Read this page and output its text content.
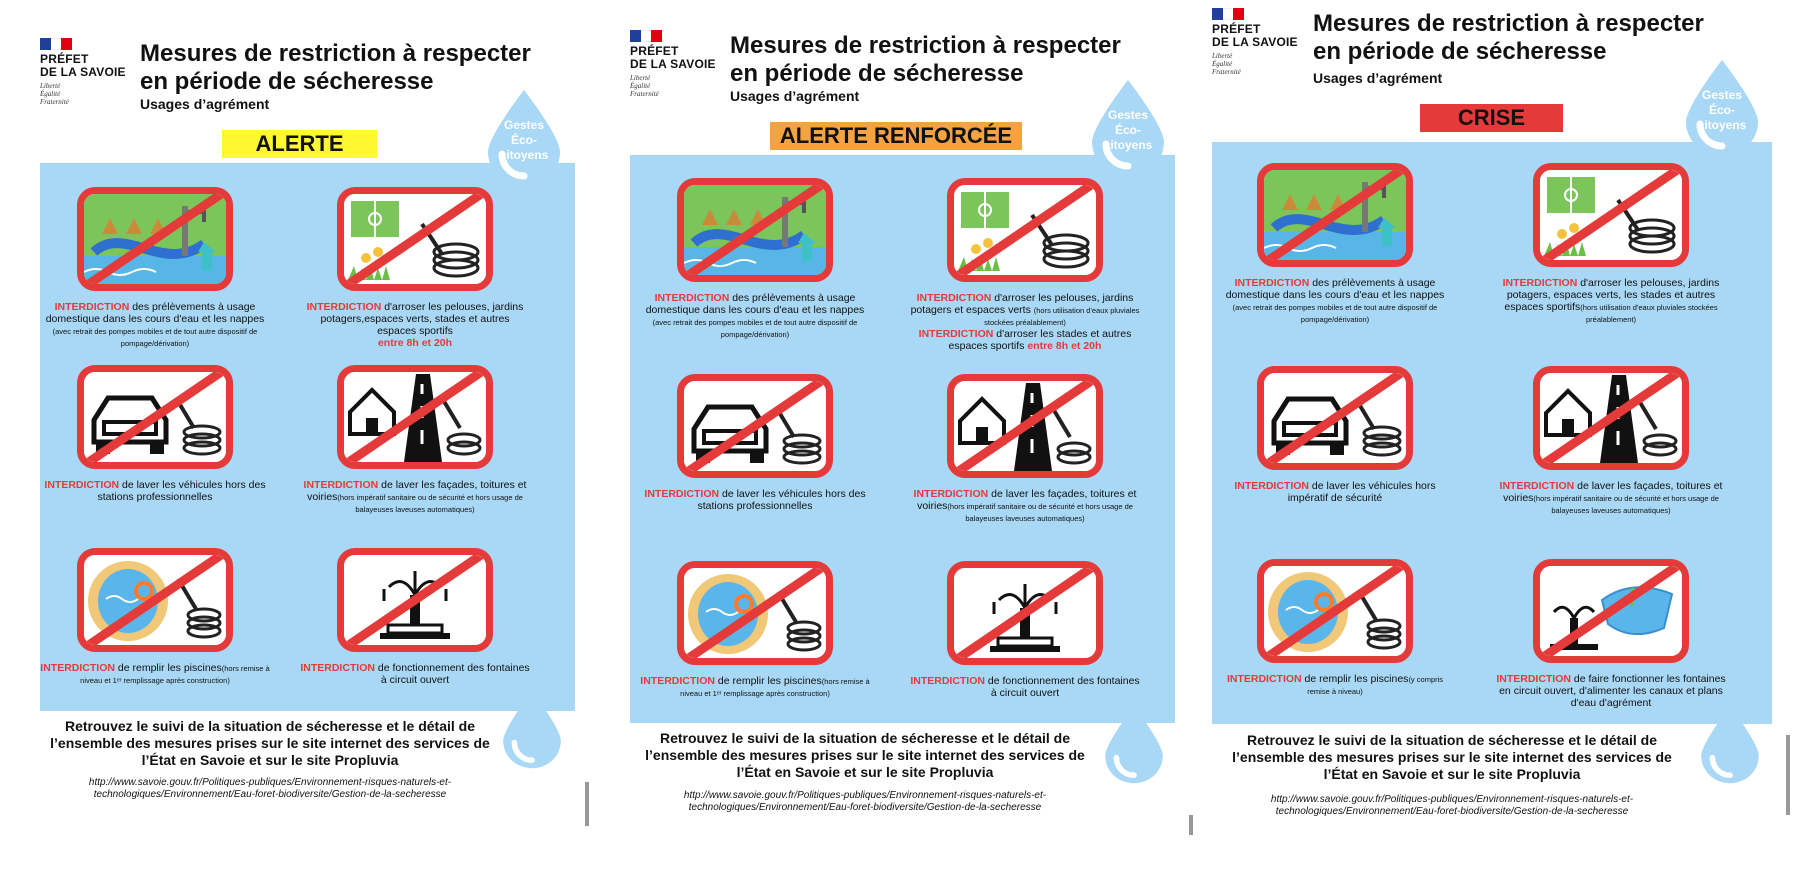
PRÉFET
DE LA SAVOIE
Liberté
Égalité
Fraternité
Mesures de restriction à respecter
en période de sécheresse
Usages d’agrément
ALERTE
Gestes
Éco-
citoyens
INTERDICTION des prélèvements à usage domestique dans les cours d'eau et les nappes (avec retrait des pompes mobiles et de tout autre dispositif de pompage/dérivation)
INTERDICTION d'arroser les pelouses, jardins potagers,espaces verts, stades et autres espaces sportifs
entre 8h et 20h
INTERDICTION de laver les véhicules hors des stations professionnelles
INTERDICTION de laver les façades, toitures et voiries(hors impératif sanitaire ou de sécurité et hors usage de balayeuses laveuses automatiques)
INTERDICTION de remplir les piscines(hors remise à niveau et 1ᵉʳ remplissage après construction)
INTERDICTION de fonctionnement des fontaines à circuit ouvert
Retrouvez le suivi de la situation de sécheresse et le détail de l’ensemble des mesures prises sur le site internet des services de l’État en Savoie et sur le site Propluvia
http://www.savoie.gouv.fr/Politiques-publiques/Environnement-risques-naturels-et-
technologiques/Environnement/Eau-foret-biodiversite/Gestion-de-la-secheresse
PRÉFET
DE LA SAVOIE
Liberté
Égalité
Fraternité
Mesures de restriction à respecter
en période de sécheresse
Usages d’agrément
ALERTE RENFORCÉE
Gestes
Éco-
citoyens
INTERDICTION des prélèvements à usage domestique dans les cours d'eau et les nappes (avec retrait des pompes mobiles et de tout autre dispositif de pompage/dérivation)
INTERDICTION d'arroser les pelouses, jardins potagers et espaces verts (hors utilisation d'eaux pluviales stockées préalablement)
INTERDICTION d'arroser les stades et autres espaces sportifs entre 8h et 20h
INTERDICTION de laver les véhicules hors des stations professionnelles
INTERDICTION de laver les façades, toitures et voiries(hors impératif sanitaire ou de sécurité et hors usage de balayeuses laveuses automatiques)
INTERDICTION de remplir les piscines(hors remise à niveau et 1ᵉʳ remplissage après construction)
INTERDICTION de fonctionnement des fontaines à circuit ouvert
Retrouvez le suivi de la situation de sécheresse et le détail de l’ensemble des mesures prises sur le site internet des services de l’État en Savoie et sur le site Propluvia
http://www.savoie.gouv.fr/Politiques-publiques/Environnement-risques-naturels-et-
technologiques/Environnement/Eau-foret-biodiversite/Gestion-de-la-secheresse
PRÉFET
DE LA SAVOIE
Liberté
Égalité
Fraternité
Mesures de restriction à respecter
en période de sécheresse
Usages d’agrément
CRISE
Gestes
Éco-
citoyens
INTERDICTION des prélèvements à usage domestique dans les cours d'eau et les nappes (avec retrait des pompes mobiles et de tout autre dispositif de pompage/dérivation)
INTERDICTION d'arroser les pelouses, jardins potagers, espaces verts, les stades et autres espaces sportifs(hors utilisation d'eaux pluviales stockées préalablement)
INTERDICTION de laver les véhicules hors impératif de sécurité
INTERDICTION de laver les façades, toitures et voiries(hors impératif sanitaire ou de sécurité et hors usage de balayeuses laveuses automatiques)
INTERDICTION de remplir les piscines(y compris remise à niveau)
INTERDICTION de faire fonctionner les fontaines en circuit ouvert, d'alimenter les canaux et plans d'eau d'agrément
Retrouvez le suivi de la situation de sécheresse et le détail de l’ensemble des mesures prises sur le site internet des services de l’État en Savoie et sur le site Propluvia
http://www.savoie.gouv.fr/Politiques-publiques/Environnement-risques-naturels-et-
technologiques/Environnement/Eau-foret-biodiversite/Gestion-de-la-secheresse
